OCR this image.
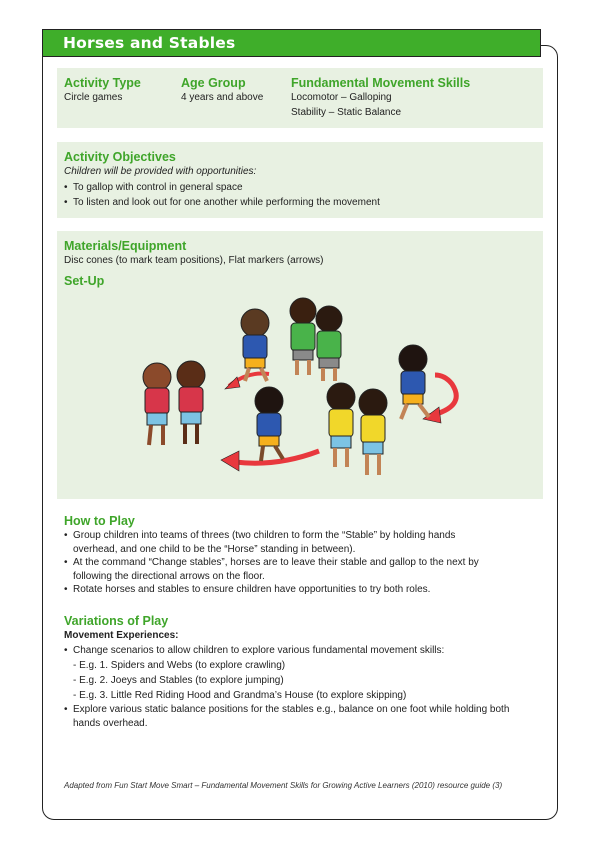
Horses and Stables

Activity Type

Circle games

Age Group

4 years and above

Fundamental Movement Skills

Locomotor – Galloping
Stability – Static Balance

Activity Objectives

Children will be provided with opportunities:
• To gallop with control in general space
• To listen and look out for one another while performing the movement

Materials/Equipment

Disc cones (to mark team positions), Flat markers (arrows)

Set-Up

How to Play

• Group children into teams of threes (two children to form the “Stable” by holding hands
overhead, and one child to be the “Horse” standing in between).
• At the command “Change stables”, horses are to leave their stable and gallop to the next by
following the directional arrows on the floor.
• Rotate horses and stables to ensure children have opportunities to try both roles.

Variations of Play

Movement Experiences:
• Change scenarios to allow children to explore various fundamental movement skills:
- E.g. 1. Spiders and Webs (to explore crawling)
- E.g. 2. Joeys and Stables (to explore jumping)
- E.g. 3. Little Red Riding Hood and Grandma’s House (to explore skipping)
• Explore various static balance positions for the stables e.g., balance on one foot while holding both
hands overhead.
Adapted from Fun Start Move Smart – Fundamental Movement Skills for Growing Active Learners (2010) resource guide (3)
